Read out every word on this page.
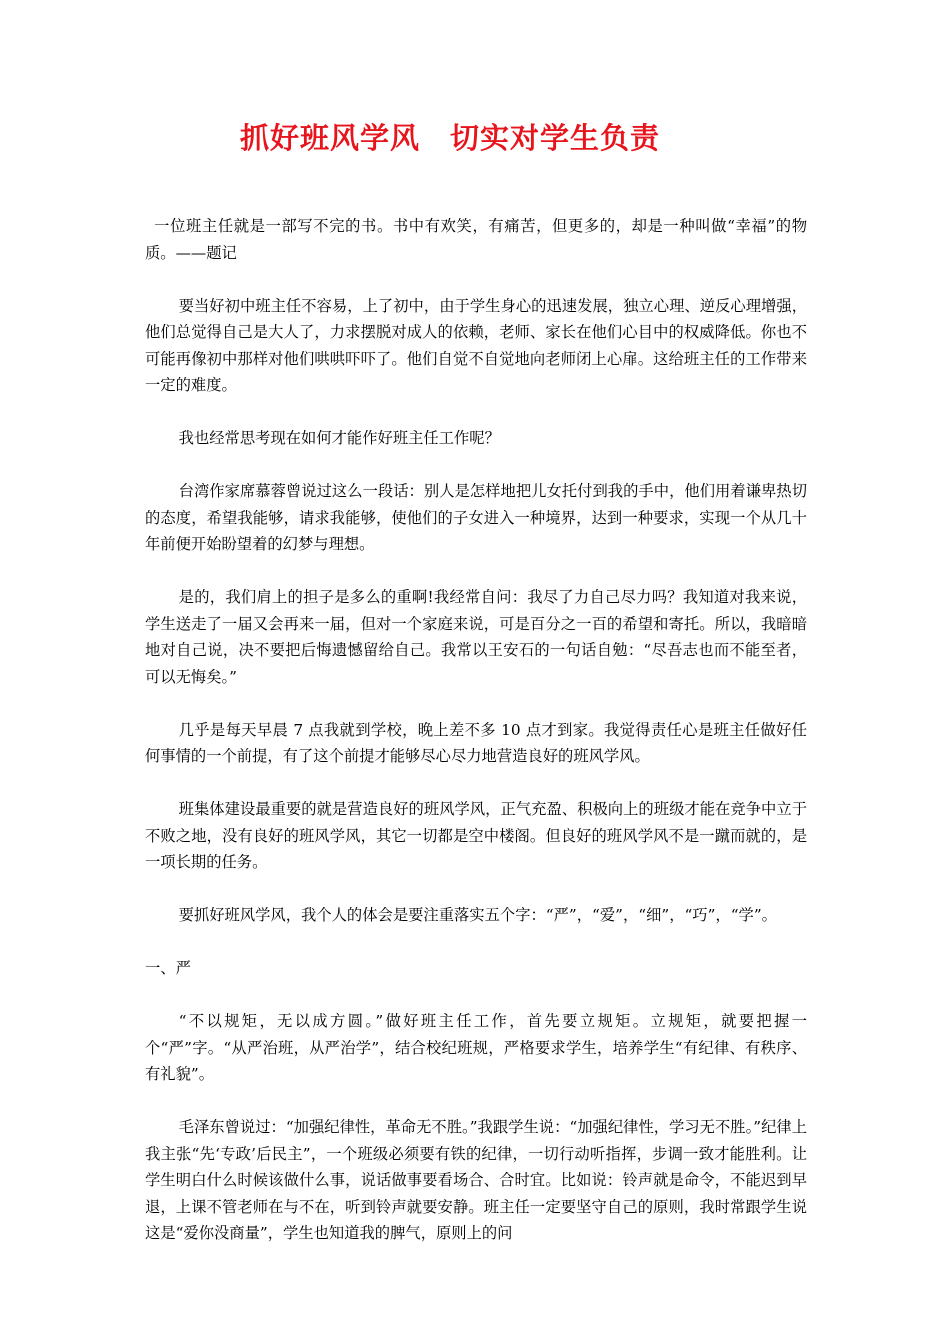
抓好班风学风　切实对学生负责

一位班主任就是一部写不完的书。书中有欢笑，有痛苦，但更多的，却是一种叫做“幸福”的物质。——题记

要当好初中班主任不容易，上了初中，由于学生身心的迅速发展，独立心理、逆反心理增强，他们总觉得自己是大人了，力求摆脱对成人的依赖，老师、家长在他们心目中的权威降低。你也不可能再像初中那样对他们哄哄吓吓了。他们自觉不自觉地向老师闭上心扉。这给班主任的工作带来一定的难度。

我也经常思考现在如何才能作好班主任工作呢？

台湾作家席慕蓉曾说过这么一段话：别人是怎样地把儿女托付到我的手中，他们用着谦卑热切的态度，希望我能够，请求我能够，使他们的子女进入一种境界，达到一种要求，实现一个从几十年前便开始盼望着的幻梦与理想。

是的，我们肩上的担子是多么的重啊!我经常自问：我尽了力自己尽力吗？我知道对我来说，学生送走了一届又会再来一届，但对一个家庭来说，可是百分之一百的希望和寄托。所以，我暗暗地对自己说，决不要把后悔遗憾留给自己。我常以王安石的一句话自勉：“尽吾志也而不能至者，可以无悔矣。”

几乎是每天早晨 7 点我就到学校，晚上差不多 10 点才到家。我觉得责任心是班主任做好任何事情的一个前提，有了这个前提才能够尽心尽力地营造良好的班风学风。

班集体建设最重要的就是营造良好的班风学风，正气充盈、积极向上的班级才能在竞争中立于不败之地，没有良好的班风学风，其它一切都是空中楼阁。但良好的班风学风不是一蹴而就的，是一项长期的任务。

要抓好班风学风，我个人的体会是要注重落实五个字：“严”，“爱”，“细”，“巧”，“学”。

一、严

“不以规矩，无以成方圆。”做好班主任工作，首先要立规矩。立规矩，就要把握一个“严”字。“从严治班，从严治学”，结合校纪班规，严格要求学生，培养学生“有纪律、有秩序、有礼貌”。

毛泽东曾说过：“加强纪律性，革命无不胜。”我跟学生说：“加强纪律性，学习无不胜。”纪律上我主张“先‘专政’后民主”，一个班级必须要有铁的纪律，一切行动听指挥，步调一致才能胜利。让学生明白什么时候该做什么事，说话做事要看场合、合时宜。比如说：铃声就是命令，不能迟到早退，上课不管老师在与不在，听到铃声就要安静。班主任一定要坚守自己的原则，我时常跟学生说这是“爱你没商量”，学生也知道我的脾气，原则上的问
